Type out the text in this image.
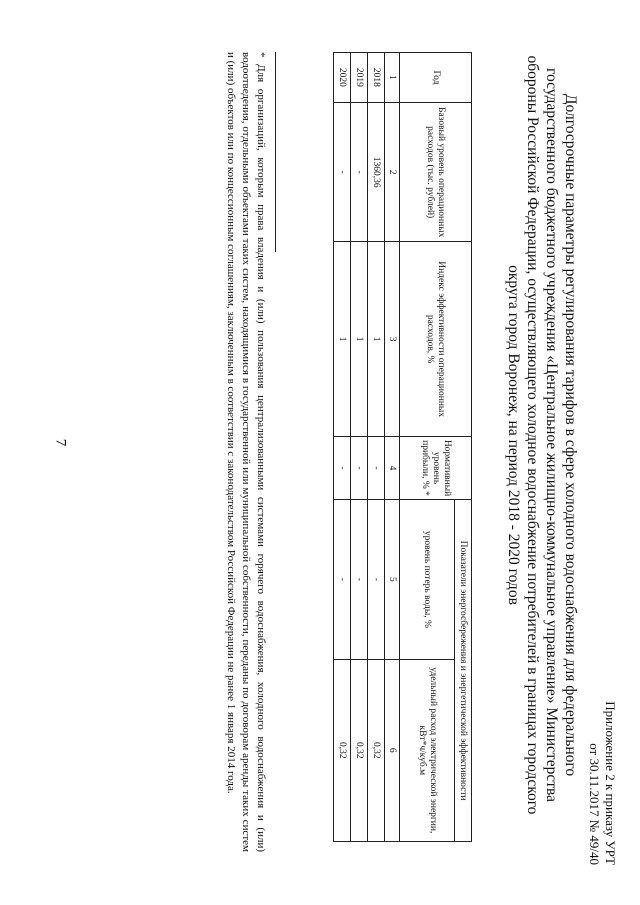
7
Приложение 2 к приказу УРТ
от 30.11.2017 № 49/40
Долгосрочные параметры регулирования тарифов в сфере холодного водоснабжения для федерального государственного бюджетного учреждения «Центральное жилищно-коммунальное управление» Министерства обороны Российской Федерации, осуществляющего холодное водоснабжение потребителей в границах городского округа город Воронеж, на период 2018 - 2020 годов
Год	Базовый уровень операционных расходов (тыс. рублей)	Индекс эффективности операционных расходов, %	Нормативный уровень прибыли, % *	Показатели энергосбережения и энергетической эффективности	
				уровень потерь воды, %	удельный расход электрической энергии, кВт*ч/куб.м
1	2	3	4	5	6
2018	1360,36	1	-	-	0,32
2019	-	1	-	-	0,32
2020	-	1	-	-	0,32
* Для организаций, которым права владения и (или) пользования централизованными системами горячего водоснабжения, холодного водоснабжения и (или) водоотведения, отдельными объектами таких систем, находящимися в государственной или муниципальной собственности, переданы по договорам аренды таких систем и (или) объектов или по концессионным соглашениям, заключенным в соответствии с законодательством Российской Федерации не ранее 1 января 2014 года.
